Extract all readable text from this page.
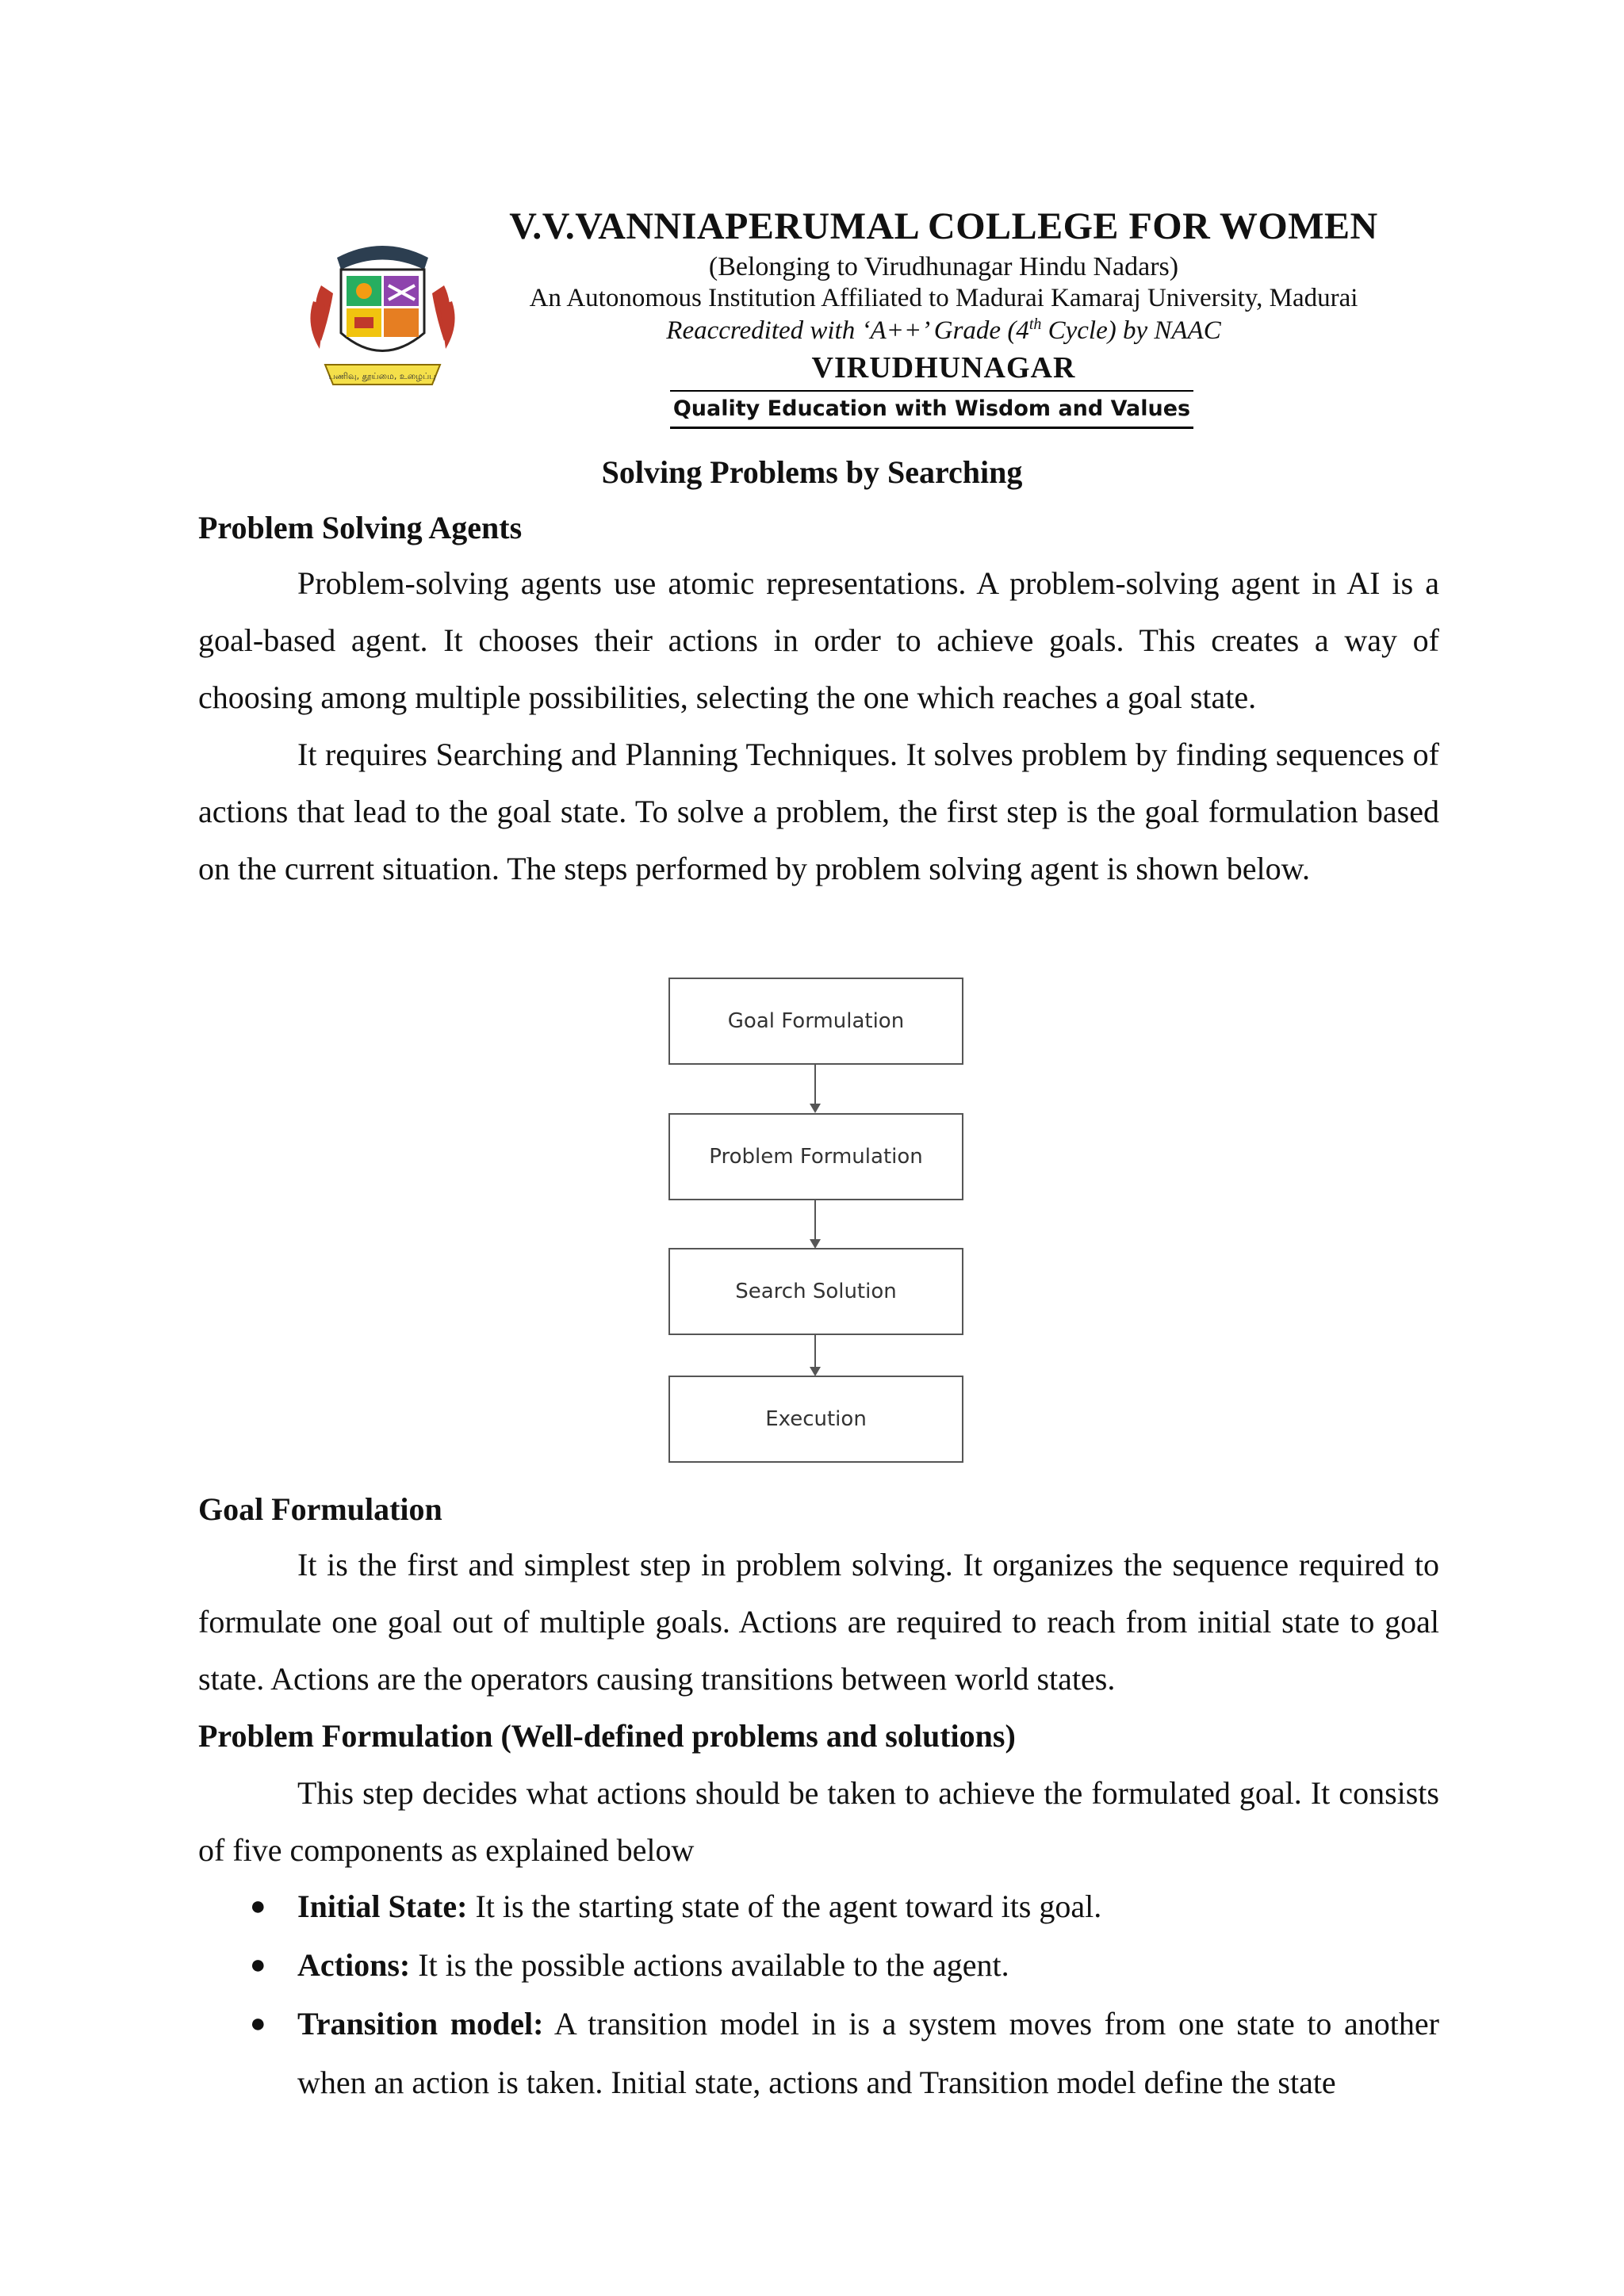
பணிவு, தூய்மை, உழைப்பு
V.V.VANNIAPERUMAL COLLEGE FOR WOMEN
(Belonging to Virudhunagar Hindu Nadars)
An Autonomous Institution Affiliated to Madurai Kamaraj University, Madurai
Reaccredited with ‘A++’ Grade (4th Cycle) by NAAC
VIRUDHUNAGAR
Quality Education with Wisdom and Values
Solving Problems by Searching
Problem Solving Agents

Problem-solving agents use atomic representations. A problem-solving agent in AI is a goal-based agent. It chooses their actions in order to achieve goals. This creates a way of choosing among multiple possibilities, selecting the one which reaches a goal state.

It requires Searching and Planning Techniques. It solves problem by finding sequences of actions that lead to the goal state. To solve a problem, the first step is the goal formulation based on the current situation. The steps performed by problem solving agent is shown below.

Goal Formulation
Problem Formulation
Search Solution
Execution
Goal Formulation

It is the first and simplest step in problem solving. It organizes the sequence required to formulate one goal out of multiple goals. Actions are required to reach from initial state to goal state. Actions are the operators causing transitions between world states.

Problem Formulation (Well-defined problems and solutions)

This step decides what actions should be taken to achieve the formulated goal. It consists of five components as explained below

● Initial State: It is the starting state of the agent toward its goal.
● Actions: It is the possible actions available to the agent.
● Transition model: A transition model in is a system moves from one state to another when an action is taken. Initial state, actions and Transition model define the state
